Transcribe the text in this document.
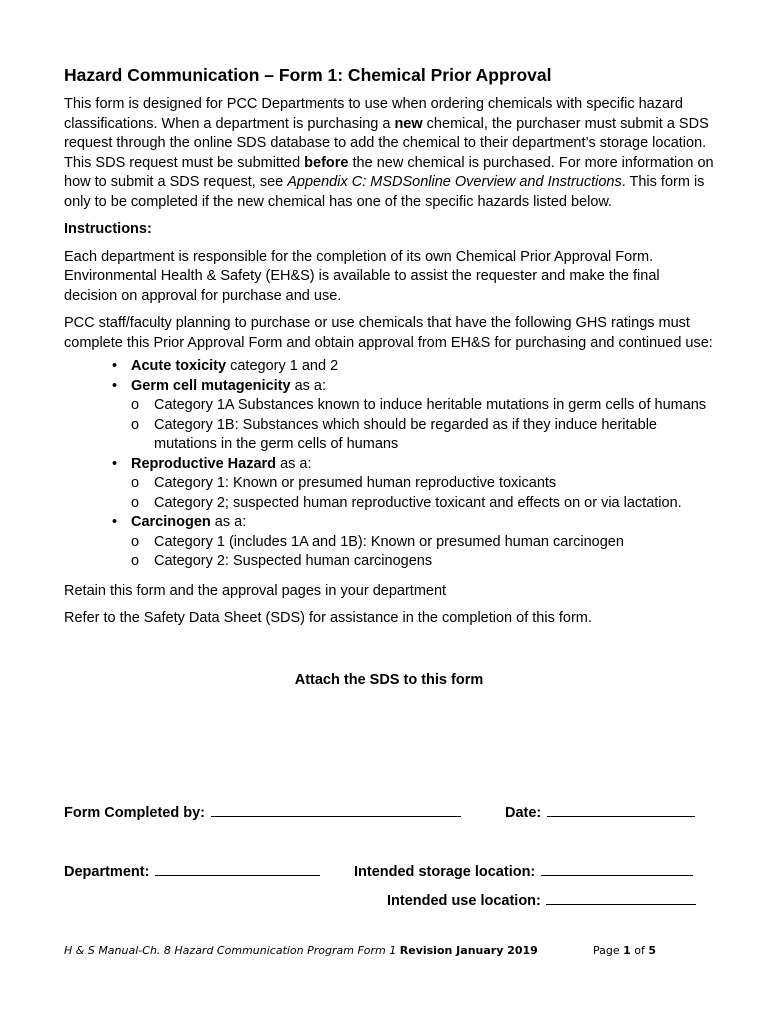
Hazard Communication – Form 1: Chemical Prior Approval

This form is designed for PCC Departments to use when ordering chemicals with specific hazard classifications. When a department is purchasing a new chemical, the purchaser must submit a SDS request through the online SDS database to add the chemical to their department’s storage location. This SDS request must be submitted before the new chemical is purchased. For more information on how to submit a SDS request, see Appendix C: MSDSonline Overview and Instructions. This form is only to be completed if the new chemical has one of the specific hazards listed below.

Instructions:

Each department is responsible for the completion of its own Chemical Prior Approval Form. Environmental Health & Safety (EH&S) is available to assist the requester and make the final decision on approval for purchase and use.

PCC staff/faculty planning to purchase or use chemicals that have the following GHS ratings must complete this Prior Approval Form and obtain approval from EH&S for purchasing and continued use:

• Acute toxicity category 1 and 2
• Germ cell mutagenicity as a:
o Category 1A Substances known to induce heritable mutations in germ cells of humans
o Category 1B: Substances which should be regarded as if they induce heritable mutations in the germ cells of humans
• Reproductive Hazard as a:
o Category 1: Known or presumed human reproductive toxicants
o Category 2; suspected human reproductive toxicant and effects on or via lactation.
• Carcinogen as a:
o Category 1 (includes 1A and 1B): Known or presumed human carcinogen
o Category 2: Suspected human carcinogens

Retain this form and the approval pages in your department

Refer to the Safety Data Sheet (SDS) for assistance in the completion of this form.

Attach the SDS to this form
Form Completed by:	Date:
Department:	Intended storage location:
Intended use location:
H & S Manual-Ch. 8 Hazard Communication Program Form 1 Revision January 2019	Page 1 of 5
